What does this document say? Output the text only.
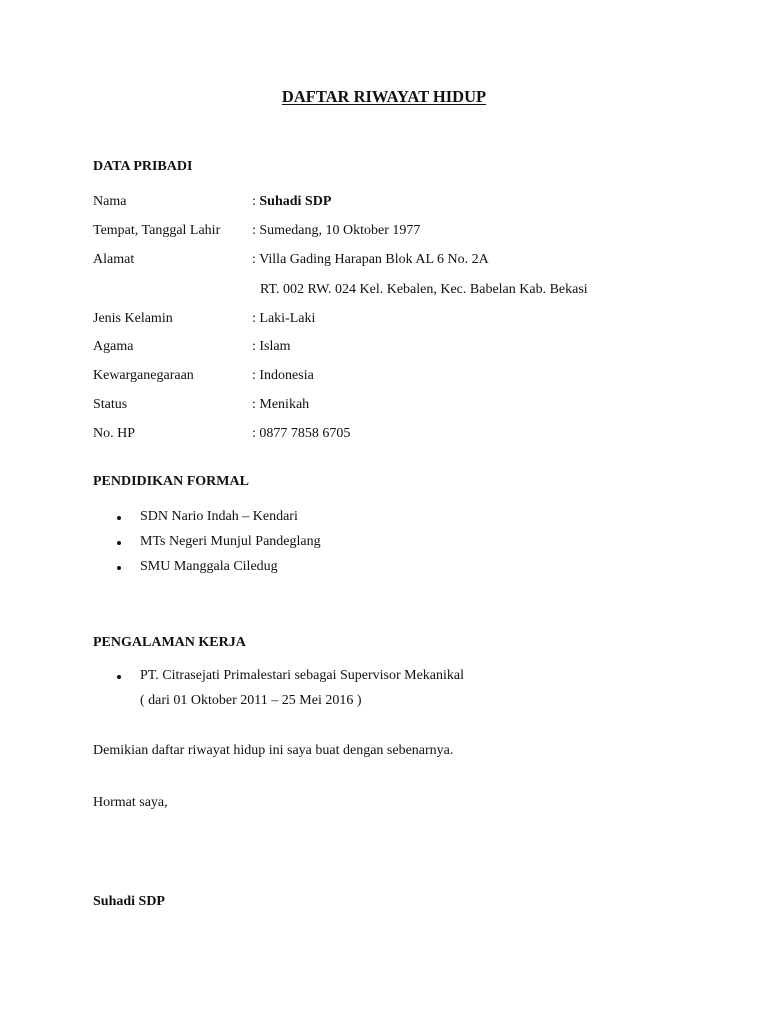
DAFTAR RIWAYAT HIDUP
DATA PRIBADI
Nama	: Suhadi SDP
Tempat, Tanggal Lahir : Sumedang, 10 Oktober 1977
Alamat	: Villa Gading Harapan Blok AL 6 No. 2A
RT. 002 RW. 024 Kel. Kebalen, Kec. Babelan Kab. Bekasi
Jenis Kelamin	: Laki-Laki
Agama	: Islam
Kewarganegaraan	: Indonesia
Status	: Menikah
No. HP	: 0877 7858 6705
PENDIDIKAN FORMAL
SDN Nario Indah – Kendari
MTs Negeri Munjul Pandeglang
SMU Manggala Ciledug
PENGALAMAN KERJA
PT. Citrasejati Primalestari sebagai Supervisor Mekanikal
( dari 01 Oktober 2011 – 25 Mei 2016 )
Demikian daftar riwayat hidup ini saya buat dengan sebenarnya.
Hormat saya,
Suhadi SDP
